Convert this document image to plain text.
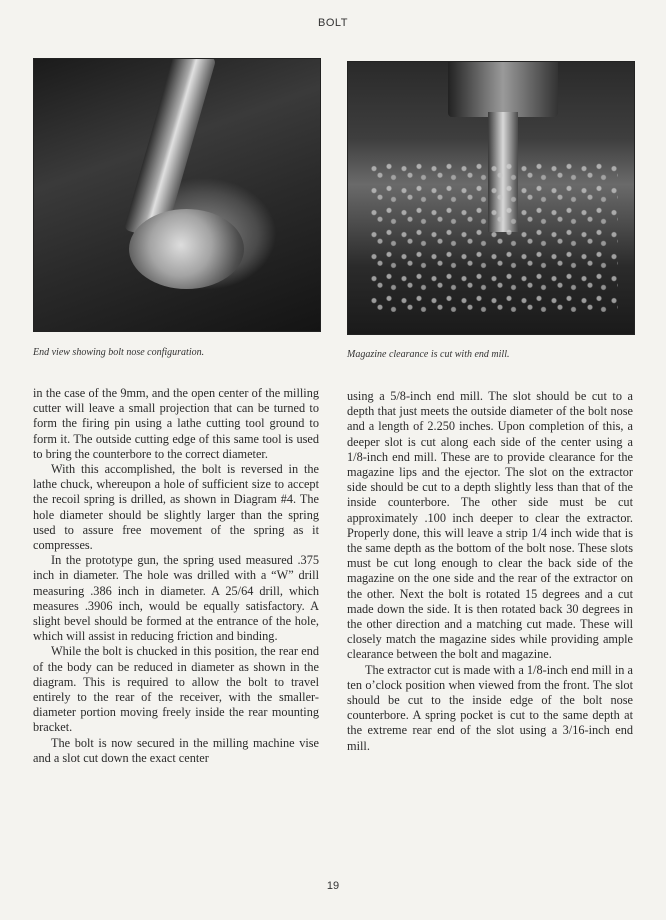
BOLT
End view showing bolt nose configuration.	Magazine clearance is cut with end mill.

in the case of the 9mm, and the open center of the milling cutter will leave a small projection that can be turned to form the firing pin using a lathe cutting tool ground to form it. The outside cutting edge of this same tool is used to bring the counterbore to the correct diameter.

With this accomplished, the bolt is reversed in the lathe chuck, whereupon a hole of sufficient size to accept the recoil spring is drilled, as shown in Diagram #4. The hole diameter should be slightly larger than the spring used to assure free movement of the spring as it compresses.

In the prototype gun, the spring used measured .375 inch in diameter. The hole was drilled with a “W” drill measuring .386 inch in diameter. A 25/64 drill, which measures .3906 inch, would be equally satisfactory. A slight bevel should be formed at the entrance of the hole, which will assist in reducing friction and binding.

While the bolt is chucked in this position, the rear end of the body can be reduced in diameter as shown in the diagram. This is required to allow the bolt to travel entirely to the rear of the receiver, with the smaller-diameter portion moving freely inside the rear mounting bracket.

The bolt is now secured in the milling machine vise and a slot cut down the exact center

using a 5/8-inch end mill. The slot should be cut to a depth that just meets the outside diameter of the bolt nose and a length of 2.250 inches. Upon completion of this, a deeper slot is cut along each side of the center using a 1/8-inch end mill. These are to provide clearance for the magazine lips and the ejector. The slot on the extractor side should be cut to a depth slightly less than that of the inside counterbore. The other side must be cut approximately .100 inch deeper to clear the extractor. Properly done, this will leave a strip 1/4 inch wide that is the same depth as the bottom of the bolt nose. These slots must be cut long enough to clear the back side of the magazine on the one side and the rear of the extractor on the other. Next the bolt is rotated 15 degrees and a cut made down the side. It is then rotated back 30 degrees in the other direction and a matching cut made. These will closely match the magazine sides while providing ample clearance between the bolt and magazine.

The extractor cut is made with a 1/8-inch end mill in a ten o’clock position when viewed from the front. The slot should be cut to the inside edge of the bolt nose counterbore. A spring pocket is cut to the same depth at the extreme rear end of the slot using a 3/16-inch end mill.

19
